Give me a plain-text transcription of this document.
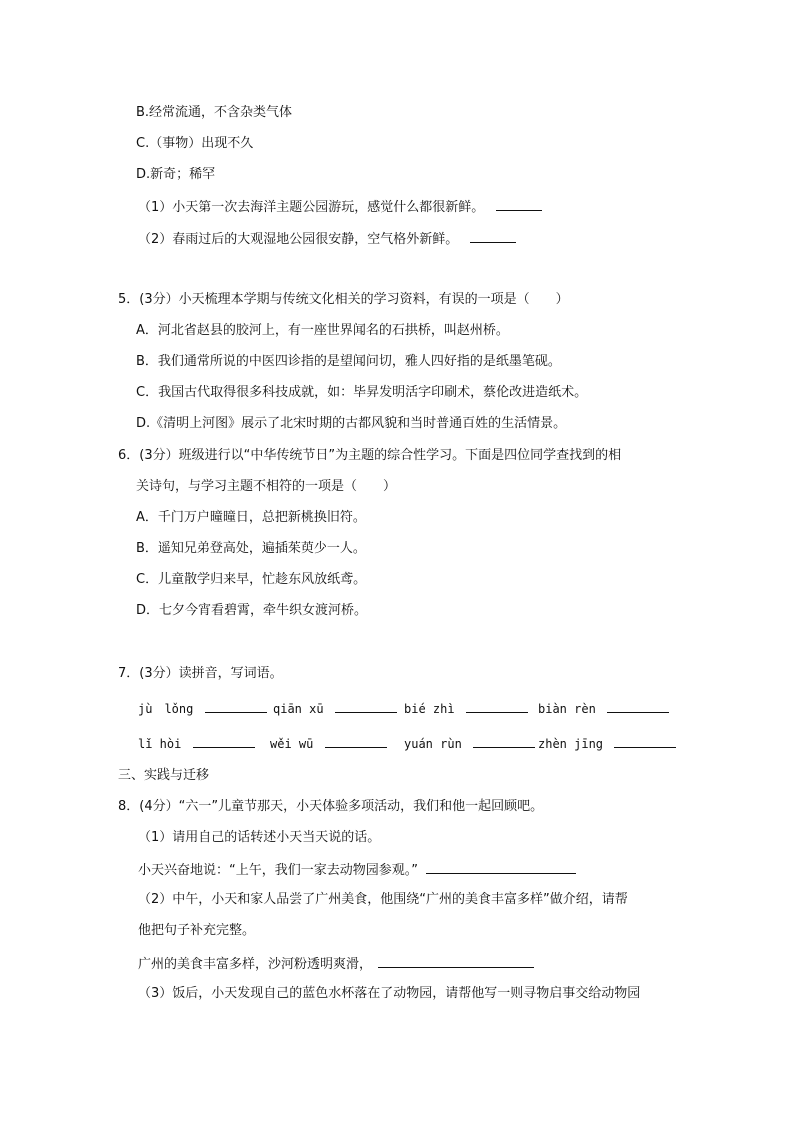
B.经常流通，不含杂类气体
C.（事物）出现不久
D.新奇；稀罕
（1）小天第一次去海洋主题公园游玩，感觉什么都很新鲜。
（2）春雨过后的大观湿地公园很安静，空气格外新鲜。
5．(3分）小天梳理本学期与传统文化相关的学习资料，有误的一项是（　　）
A．河北省赵县的胶河上，有一座世界闻名的石拱桥，叫赵州桥。
B．我们通常所说的中医四诊指的是望闻问切，雅人四好指的是纸墨笔砚。
C．我国古代取得很多科技成就，如：毕昇发明活字印刷术，蔡伦改进造纸术。
D.《清明上河图》展示了北宋时期的古都风貌和当时普通百姓的生活情景。
6．(3分）班级进行以“中华传统节日”为主题的综合性学习。下面是四位同学查找到的相
关诗句，与学习主题不相符的一项是（　　）
A．千门万户曈曈日，总把新桃换旧符。
B．遥知兄弟登高处，遍插茱萸少一人。
C．儿童散学归来早，忙趁东风放纸鸢。
D．七夕今宵看碧霄，牵牛织女渡河桥。
7．(3分）读拼音，写词语。
jù　lǒng	qiān xū	bié zhì	biàn rèn
lǐ hòi	wěi wū	yuán rùn	zhèn jīng
三、实践与迁移
8．(4分）“六一”儿童节那天，小天体验多项活动，我们和他一起回顾吧。
（1）请用自己的话转述小天当天说的话。
小天兴奋地说：“上午，我们一家去动物园参观。”
（2）中午，小天和家人品尝了广州美食，他围绕“广州的美食丰富多样”做介绍，请帮
他把句子补充完整。
广州的美食丰富多样，沙河粉透明爽滑，
（3）饭后，小天发现自己的蓝色水杯落在了动物园，请帮他写一则寻物启事交给动物园
